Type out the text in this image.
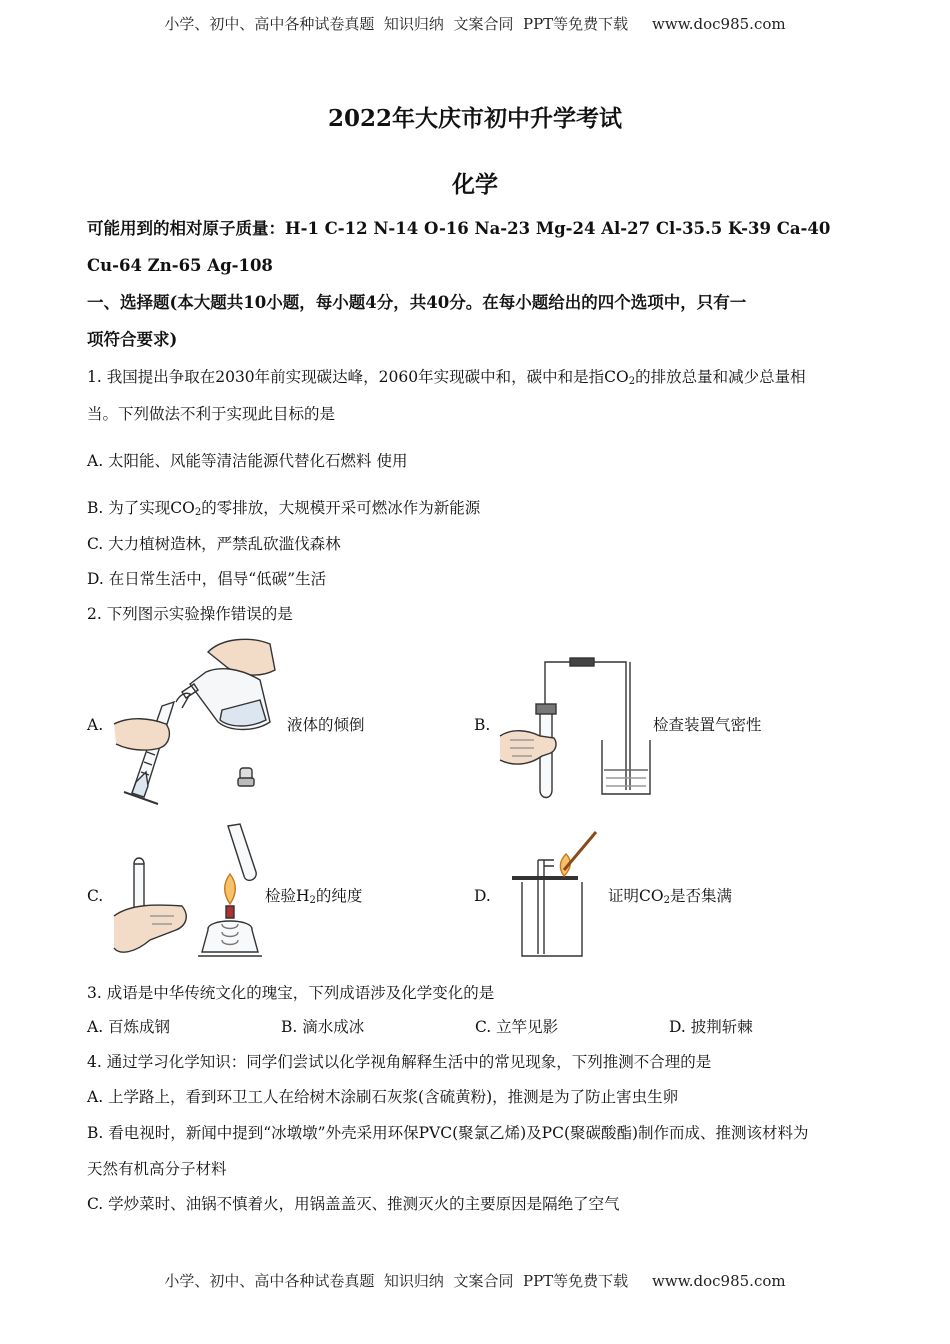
小学、初中、高中各种试卷真题  知识归纳  文案合同  PPT等免费下载     www.doc985.com
2022年大庆市初中升学考试
化学
可能用到的相对原子质量：H-1 C-12 N-14 O-16 Na-23 Mg-24 Al-27 Cl-35.5 K-39 Ca-40
Cu-64 Zn-65 Ag-108
一、选择题(本大题共10小题，每小题4分，共40分。在每小题给出的四个选项中，只有一
项符合要求)
1. 我国提出争取在2030年前实现碳达峰，2060年实现碳中和，碳中和是指$CO_2$的排放总量和减少总量相
当。下列做法不利于实现此目标的是
A. 太阳能、风能等清洁能源代替化石燃料 使用
B. 为了实现$CO_2$的零排放，大规模开采可燃冰作为新能源
C. 大力植树造林，严禁乱砍滥伐森林
D. 在日常生活中，倡导“低碳”生活
2. 下列图示实验操作错误的是
A.	液体的倾倒	B.	检查装置气密性
C.	检验$H_2$的纯度	D.	证明$CO_2$是否集满
3. 成语是中华传统文化的瑰宝，下列成语涉及化学变化的是
A. 百炼成钢	B. 滴水成冰	C. 立竿见影	D. 披荆斩棘
4. 通过学习化学知识：同学们尝试以化学视角解释生活中的常见现象，下列推测不合理的是
A. 上学路上，看到环卫工人在给树木涂刷石灰浆(含硫黄粉)，推测是为了防止害虫生卵
B. 看电视时，新闻中提到“冰墩墩”外壳采用环保PVC(聚氯乙烯)及PC(聚碳酸酯)制作而成、推测该材料为
天然有机高分子材料
C. 学炒菜时、油锅不慎着火，用锅盖盖灭、推测灭火的主要原因是隔绝了空气
小学、初中、高中各种试卷真题  知识归纳  文案合同  PPT等免费下载     www.doc985.com
